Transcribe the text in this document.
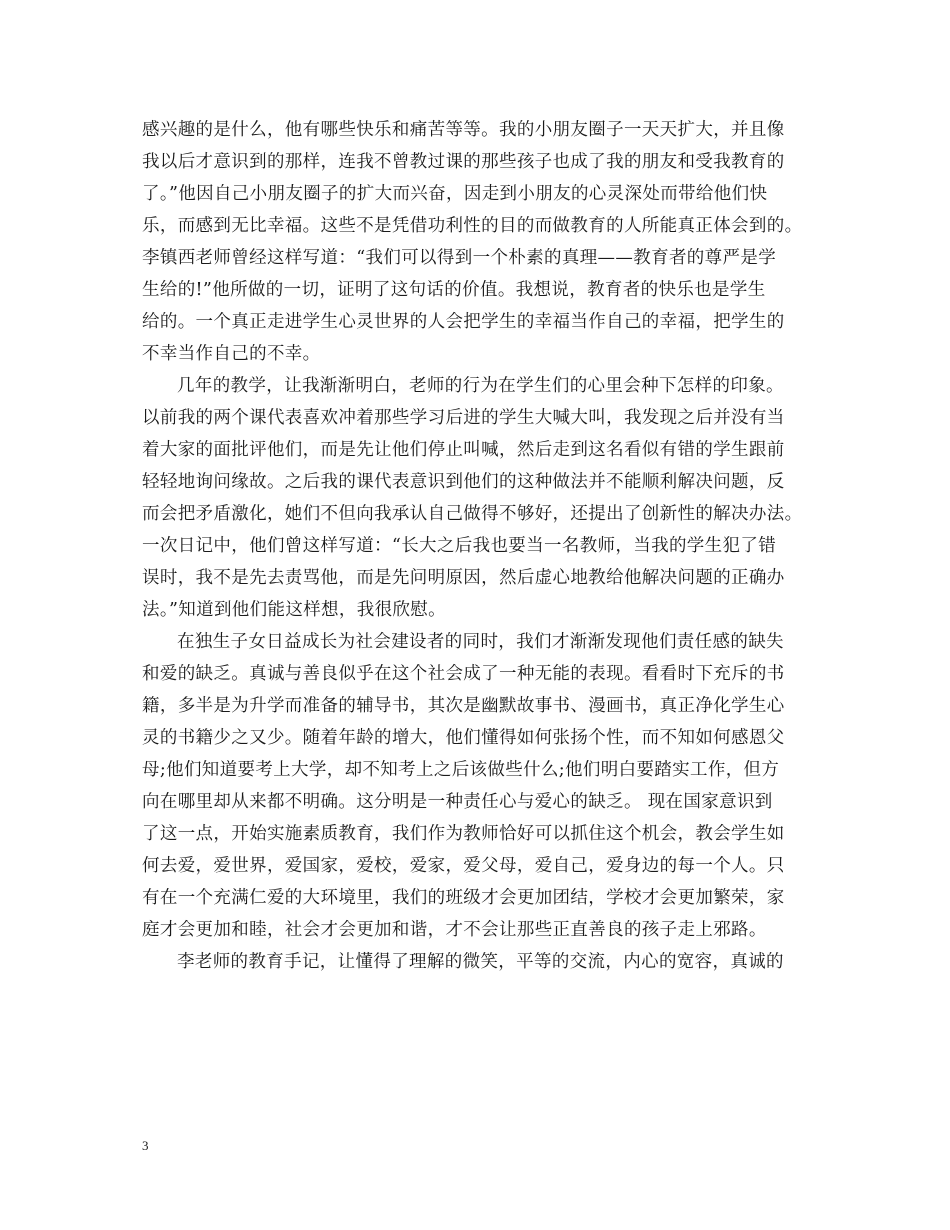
感兴趣的是什么，他有哪些快乐和痛苦等等。我的小朋友圈子一天天扩大，并且像
我以后才意识到的那样，连我不曾教过课的那些孩子也成了我的朋友和受我教育的
了。”他因自己小朋友圈子的扩大而兴奋，因走到小朋友的心灵深处而带给他们快
乐，而感到无比幸福。这些不是凭借功利性的目的而做教育的人所能真正体会到的。
李镇西老师曾经这样写道：“我们可以得到一个朴素的真理——教育者的尊严是学
生给的!”他所做的一切，证明了这句话的价值。我想说，教育者的快乐也是学生
给的。一个真正走进学生心灵世界的人会把学生的幸福当作自己的幸福，把学生的
不幸当作自己的不幸。
几年的教学，让我渐渐明白，老师的行为在学生们的心里会种下怎样的印象。
以前我的两个课代表喜欢冲着那些学习后进的学生大喊大叫，我发现之后并没有当
着大家的面批评他们，而是先让他们停止叫喊，然后走到这名看似有错的学生跟前
轻轻地询问缘故。之后我的课代表意识到他们的这种做法并不能顺利解决问题，反
而会把矛盾激化，她们不但向我承认自己做得不够好，还提出了创新性的解决办法。
一次日记中，他们曾这样写道：“长大之后我也要当一名教师，当我的学生犯了错
误时，我不是先去责骂他，而是先问明原因，然后虚心地教给他解决问题的正确办
法。”知道到他们能这样想，我很欣慰。
在独生子女日益成长为社会建设者的同时，我们才渐渐发现他们责任感的缺失
和爱的缺乏。真诚与善良似乎在这个社会成了一种无能的表现。看看时下充斥的书
籍，多半是为升学而准备的辅导书，其次是幽默故事书、漫画书，真正净化学生心
灵的书籍少之又少。随着年龄的增大，他们懂得如何张扬个性，而不知如何感恩父
母;他们知道要考上大学，却不知考上之后该做些什么;他们明白要踏实工作，但方
向在哪里却从来都不明确。这分明是一种责任心与爱心的缺乏。 现在国家意识到
了这一点，开始实施素质教育，我们作为教师恰好可以抓住这个机会，教会学生如
何去爱，爱世界，爱国家，爱校，爱家，爱父母，爱自己，爱身边的每一个人。只
有在一个充满仁爱的大环境里，我们的班级才会更加团结，学校才会更加繁荣，家
庭才会更加和睦，社会才会更加和谐，才不会让那些正直善良的孩子走上邪路。
李老师的教育手记，让懂得了理解的微笑，平等的交流，内心的宽容，真诚的
3
